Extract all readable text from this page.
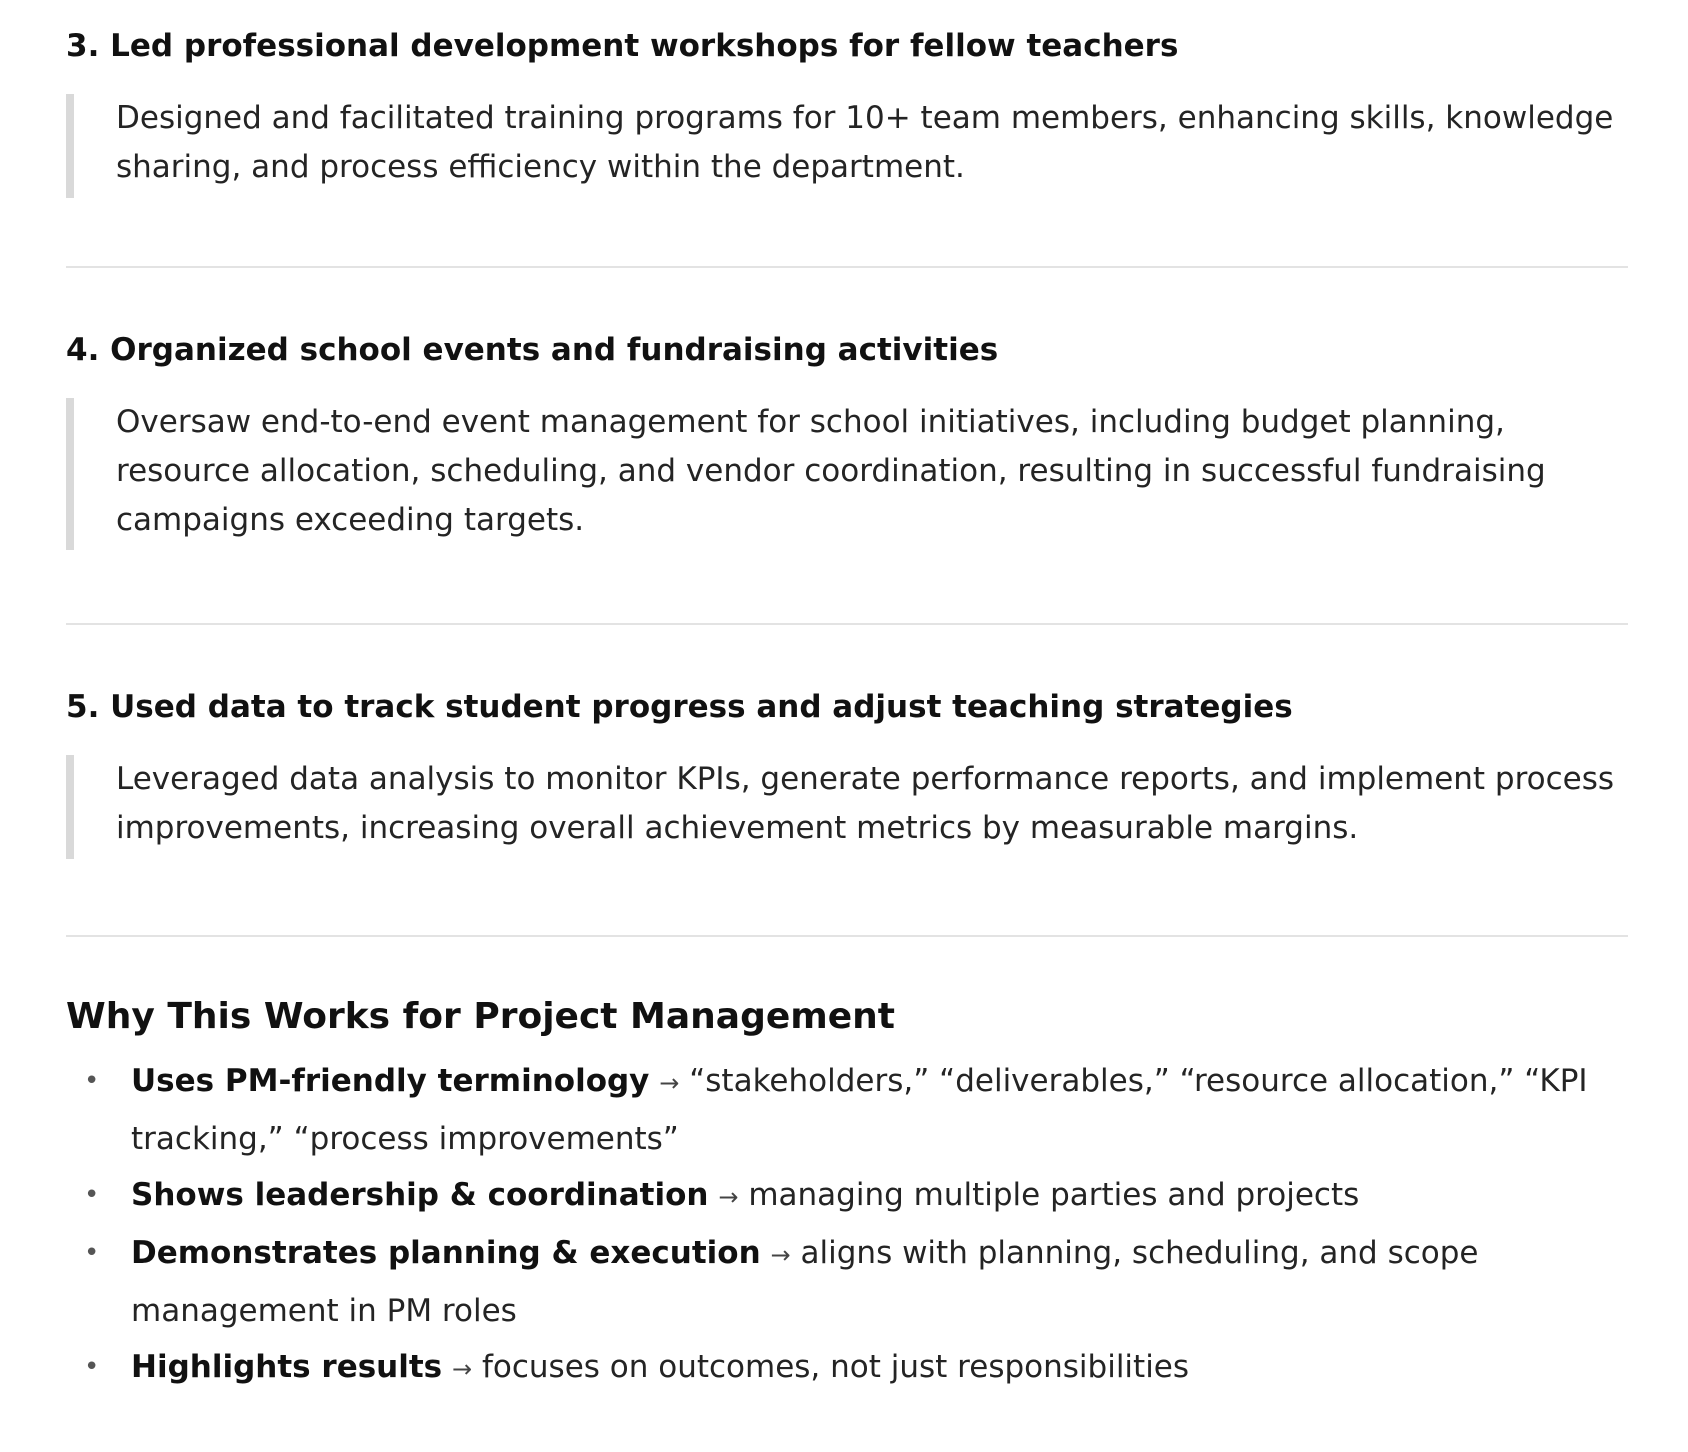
3. Led professional development workshops for fellow teachers
Designed and facilitated training programs for 10+ team members, enhancing skills, knowledge sharing, and process efficiency within the department.
4. Organized school events and fundraising activities
Oversaw end-to-end event management for school initiatives, including budget planning, resource allocation, scheduling, and vendor coordination, resulting in successful fundraising campaigns exceeding targets.
5. Used data to track student progress and adjust teaching strategies
Leveraged data analysis to monitor KPIs, generate performance reports, and implement process improvements, increasing overall achievement metrics by measurable margins.
Why This Works for Project Management
• Uses PM-friendly terminology → “stakeholders,” “deliverables,” “resource allocation,” “KPI tracking,” “process improvements”
• Shows leadership & coordination → managing multiple parties and projects
• Demonstrates planning & execution → aligns with planning, scheduling, and scope management in PM roles
• Highlights results → focuses on outcomes, not just responsibilities
